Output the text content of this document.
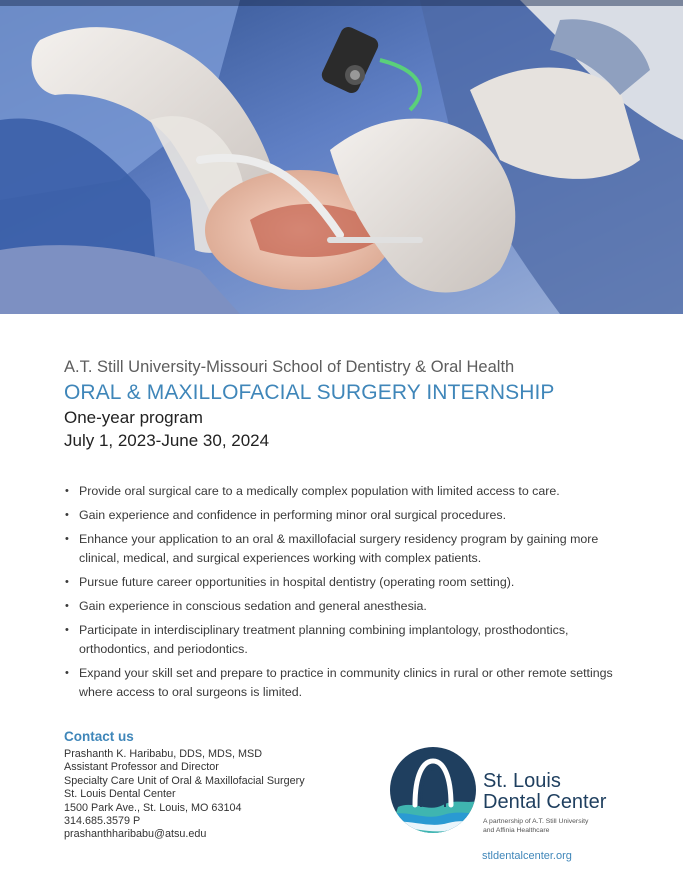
A.T. Still University-Missouri School of Dentistry & Oral Health

ORAL & MAXILLOFACIAL SURGERY INTERNSHIP

One-year program

July 1, 2023-June 30, 2024

• Provide oral surgical care to a medically complex population with limited access to care.
• Gain experience and confidence in performing minor oral surgical procedures.
• Enhance your application to an oral & maxillofacial surgery residency program by gaining more clinical, medical, and surgical experiences working with complex patients.
• Pursue future career opportunities in hospital dentistry (operating room setting).
• Gain experience in conscious sedation and general anesthesia.
• Participate in interdisciplinary treatment planning combining implantology, prosthodontics, orthodontics, and periodontics.
• Expand your skill set and prepare to practice in community clinics in rural or other remote settings where access to oral surgeons is limited.
Contact us
Prashanth K. Haribabu, DDS, MDS, MSD
Assistant Professor and Director
Specialty Care Unit of Oral & Maxillofacial Surgery
St. Louis Dental Center
1500 Park Ave., St. Louis, MO 63104
314.685.3579 P
prashanthharibabu@atsu.edu
St. Louis
Dental Center
A partnership of A.T. Still University
and Affinia Healthcare
stldentalcenter.org
